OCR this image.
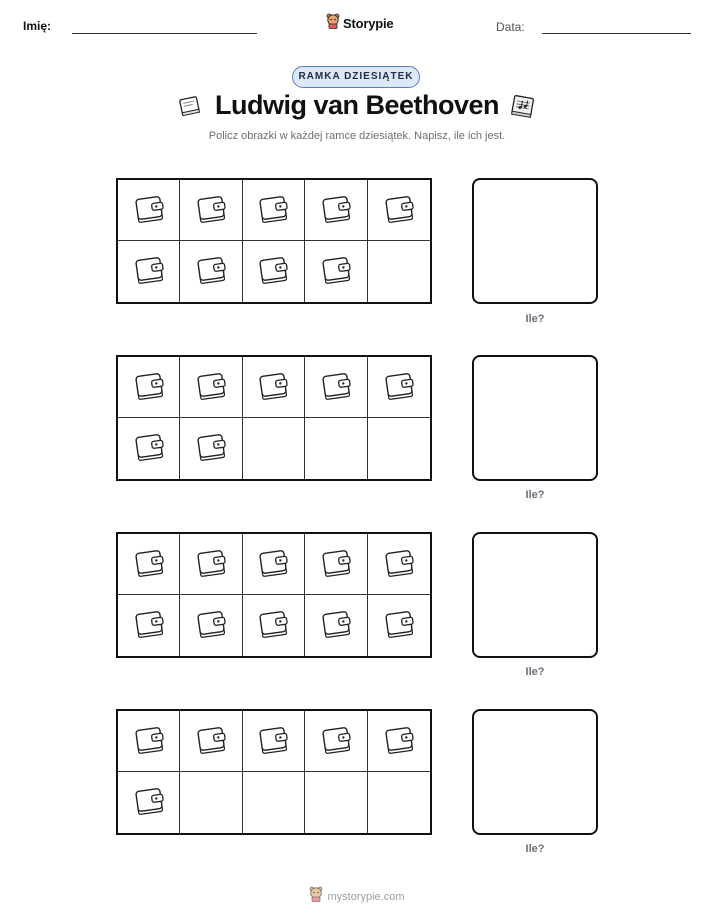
Imię:	Storypie	Data:
RAMKA DZIESIĄTEK
Ludwig van Beethoven
Policz obrazki w każdej ramce dziesiątek. Napisz, ile ich jest.
Ile?
Ile?
Ile?
Ile?
mystorypie.com
